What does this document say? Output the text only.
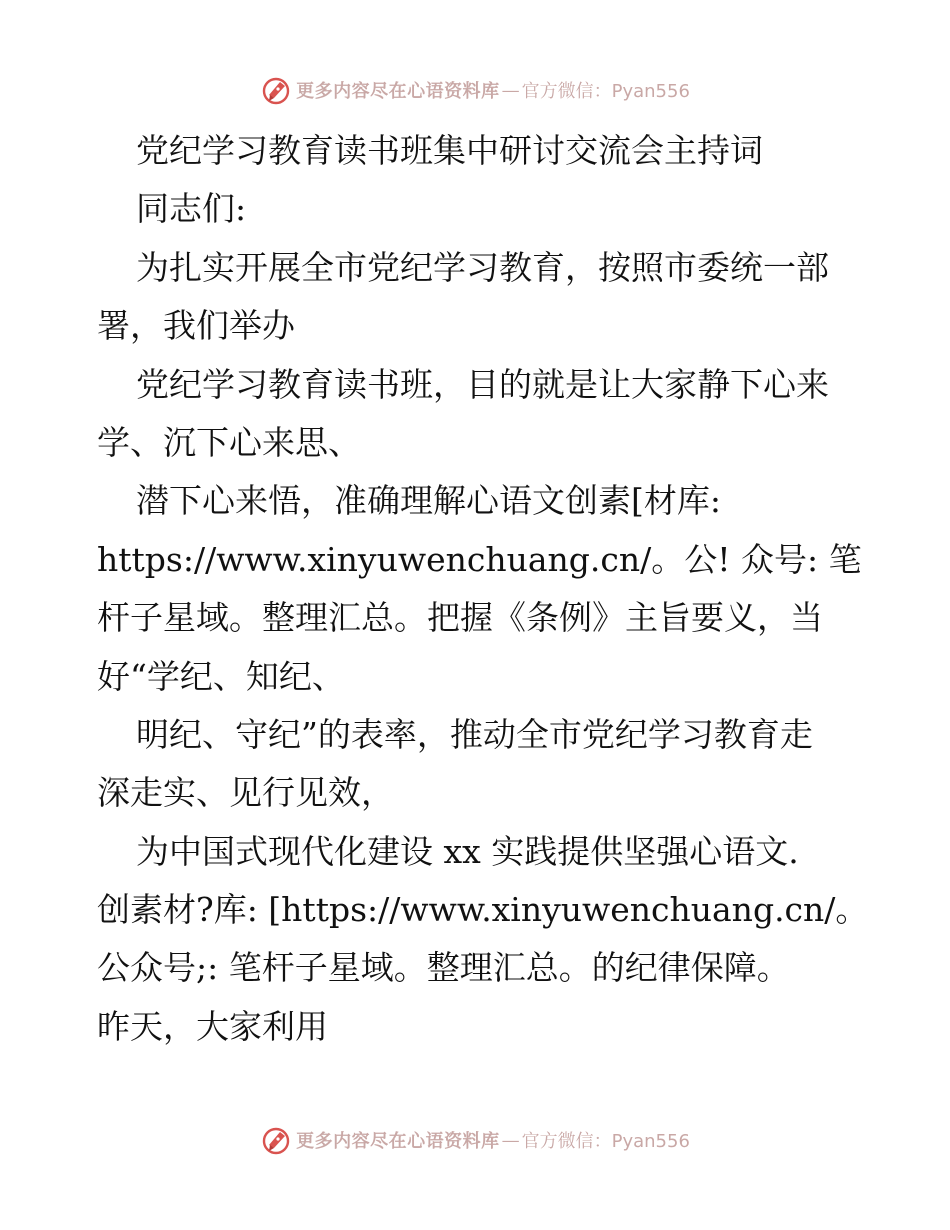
更多内容尽在心语资料库 — 官方微信：Pyan556
党纪学习教育读书班集中研讨交流会主持词
同志们:
为扎实开展全市党纪学习教育，按照市委统一部
署，我们举办
党纪学习教育读书班，目的就是让大家静下心来
学、沉下心来思、
潜下心来悟，准确理解心语文创素[材库:
https://www.xinyuwenchuang.cn/。公! 众号: 笔
杆子星域。整理汇总。把握《条例》主旨要义，当
好“学纪、知纪、
明纪、守纪”的表率，推动全市党纪学习教育走
深走实、见行见效，
为中国式现代化建设 xx 实践提供坚强心语文.
创素材?库: [https://www.xinyuwenchuang.cn/。
公众号;: 笔杆子星域。整理汇总。的纪律保障。
昨天，大家利用
更多内容尽在心语资料库 — 官方微信：Pyan556
